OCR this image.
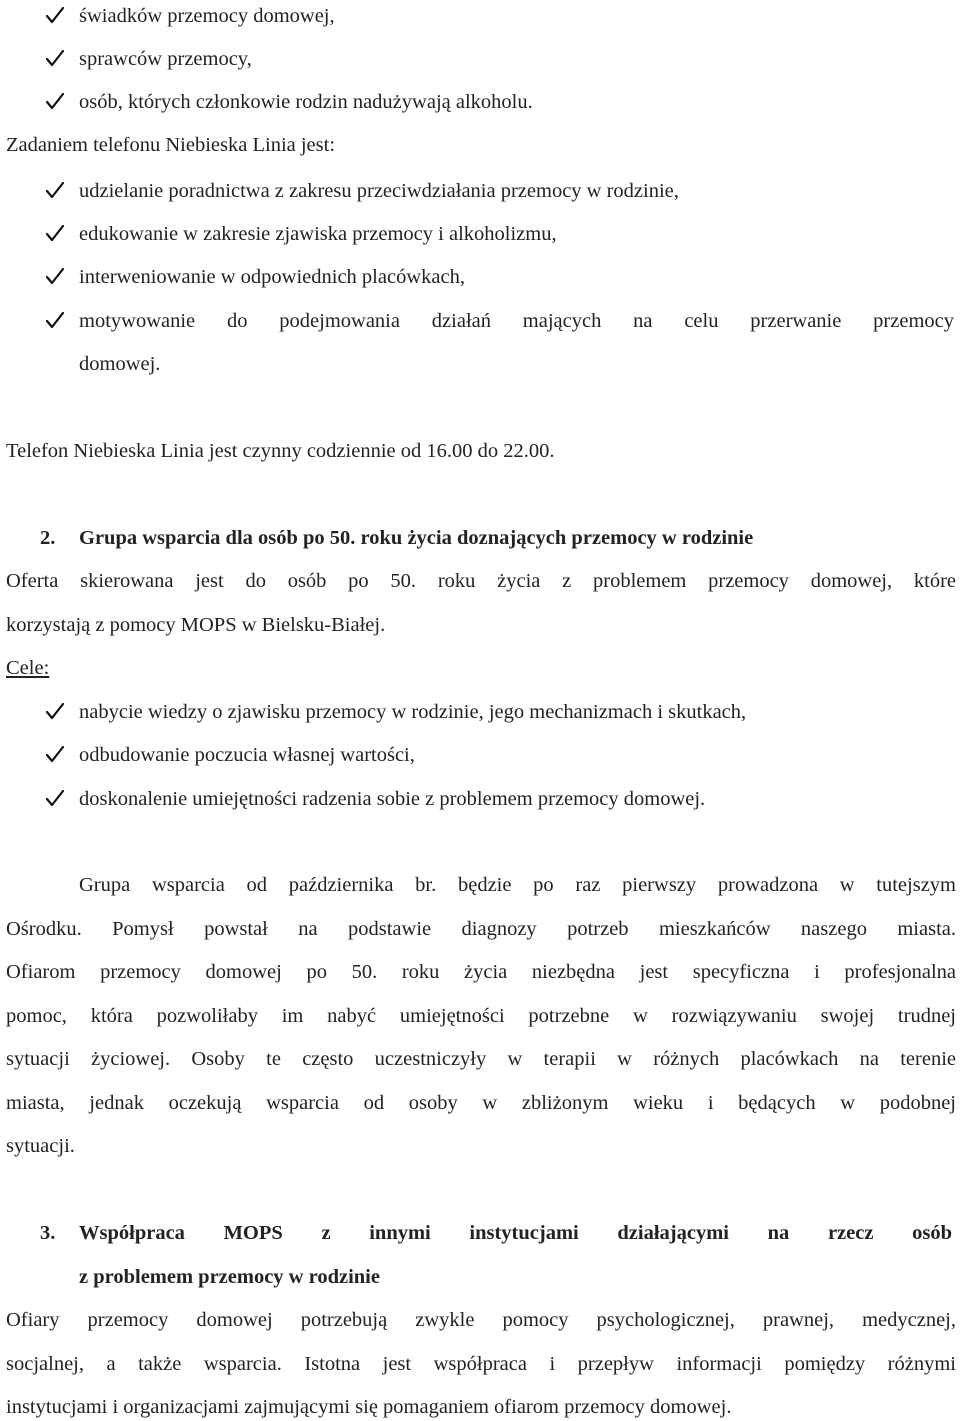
świadków przemocy domowej,
sprawców przemocy,
osób, których członkowie rodzin nadużywają alkoholu.
Zadaniem telefonu Niebieska Linia jest:
udzielanie poradnictwa z zakresu przeciwdziałania przemocy w rodzinie,
edukowanie w zakresie zjawiska przemocy i alkoholizmu,
interweniowanie w odpowiednich placówkach,
motywowanie do podejmowania działań mających na celu przerwanie przemocy
domowej.
Telefon Niebieska Linia jest czynny codziennie od 16.00 do 22.00.
2. Grupa wsparcia dla osób po 50. roku życia doznających przemocy w rodzinie
Oferta skierowana jest do osób po 50. roku życia z problemem przemocy domowej, które
korzystają z pomocy MOPS w Bielsku-Białej.
Cele:
nabycie wiedzy o zjawisku przemocy w rodzinie, jego mechanizmach i skutkach,
odbudowanie poczucia własnej wartości,
doskonalenie umiejętności radzenia sobie z problemem przemocy domowej.
Grupa wsparcia od października br. będzie po raz pierwszy prowadzona w tutejszym
Ośrodku. Pomysł powstał na podstawie diagnozy potrzeb mieszkańców naszego miasta.
Ofiarom przemocy domowej po 50. roku życia niezbędna jest specyficzna i profesjonalna
pomoc, która pozwoliłaby im nabyć umiejętności potrzebne w rozwiązywaniu swojej trudnej
sytuacji życiowej. Osoby te często uczestniczyły w terapii w różnych placówkach na terenie
miasta, jednak oczekują wsparcia od osoby w zbliżonym wieku i będących w podobnej
sytuacji.
3. Współpraca MOPS z innymi instytucjami działającymi na rzecz osób
z problemem przemocy w rodzinie
Ofiary przemocy domowej potrzebują zwykle pomocy psychologicznej, prawnej, medycznej,
socjalnej, a także wsparcia. Istotna jest współpraca i przepływ informacji pomiędzy różnymi
instytucjami i organizacjami zajmującymi się pomaganiem ofiarom przemocy domowej.
